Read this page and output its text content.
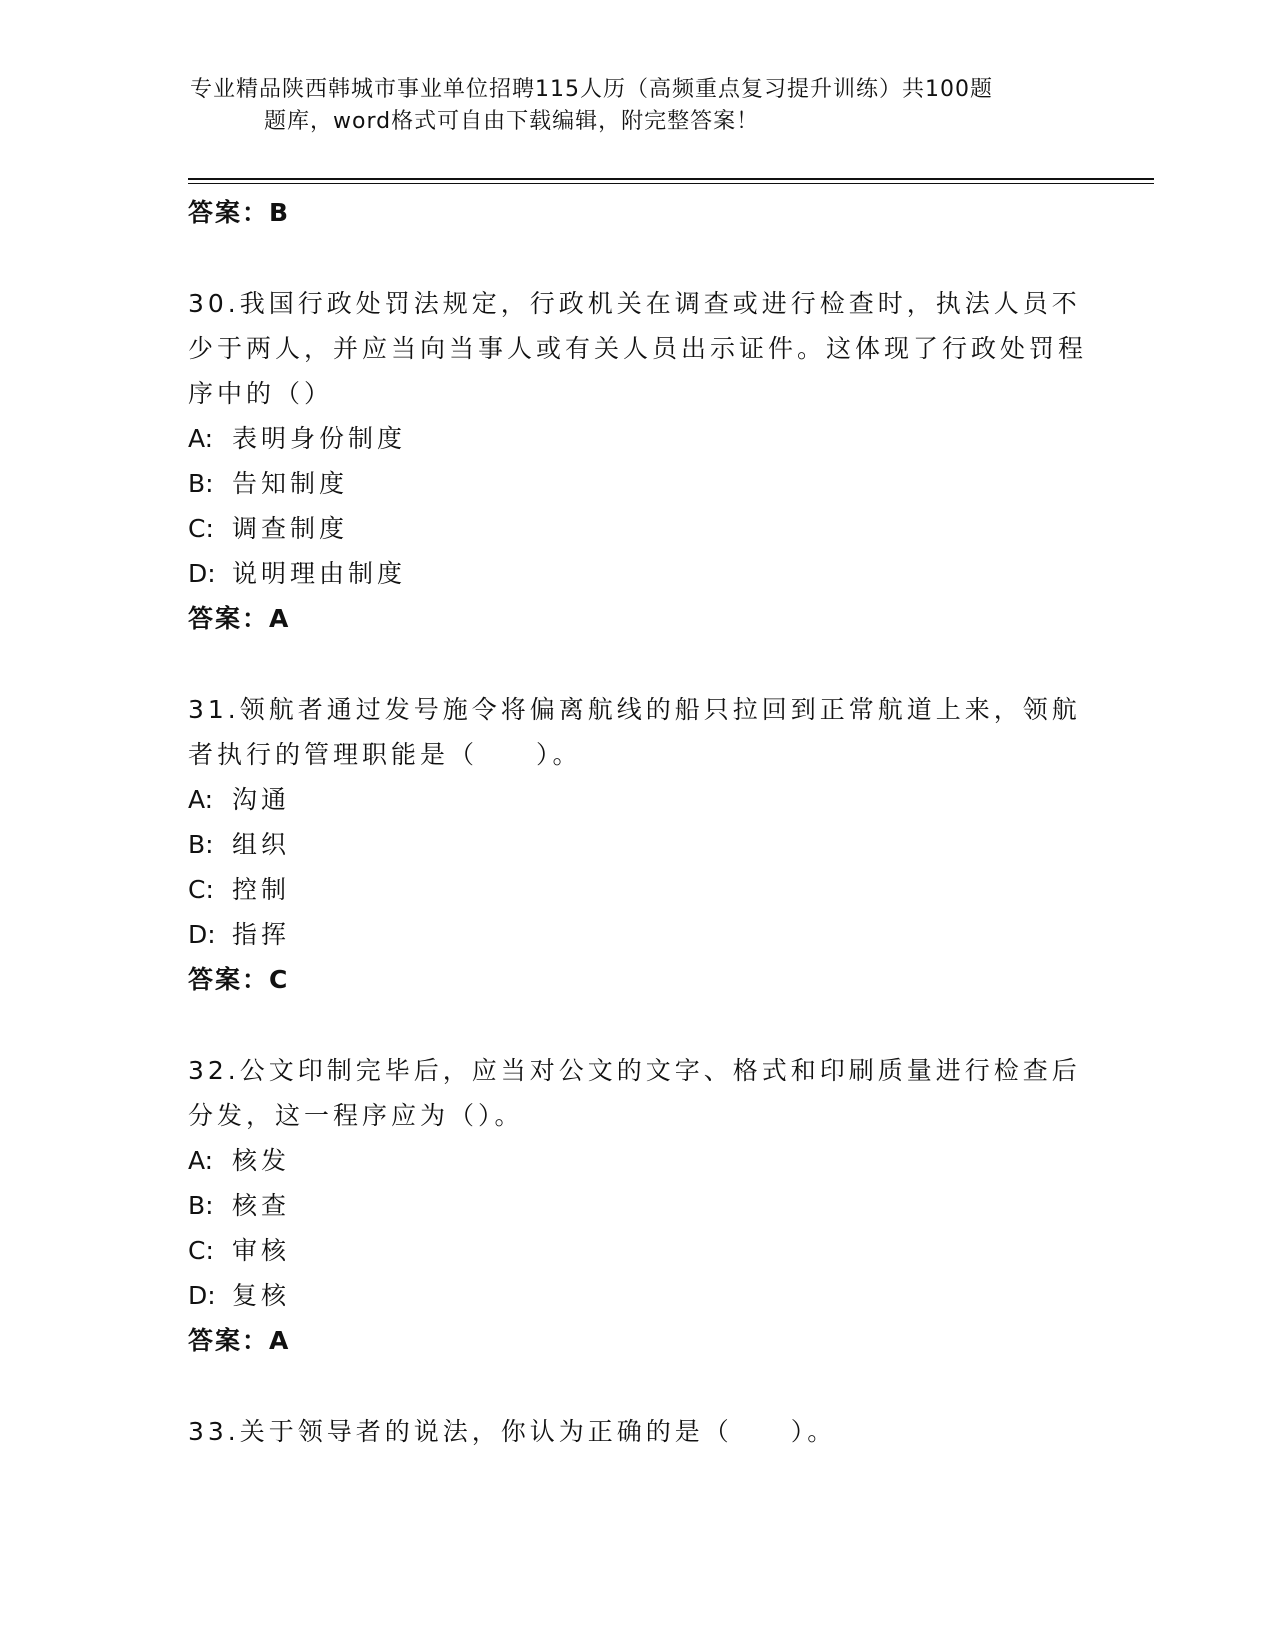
专业精品陕西韩城市事业单位招聘115人历（高频重点复习提升训练）共100题
题库，word格式可自由下载编辑，附完整答案！

答案：B

30.我国行政处罚法规定，行政机关在调查或进行检查时，执法人员不少于两人，并应当向当事人或有关人员出示证件。这体现了行政处罚程序中的（）

A: 表明身份制度

B: 告知制度

C: 调查制度

D: 说明理由制度

答案：A

31.领航者通过发号施令将偏离航线的船只拉回到正常航道上来，领航者执行的管理职能是（　　）。

A: 沟通

B: 组织

C: 控制

D: 指挥

答案：C

32.公文印制完毕后，应当对公文的文字、格式和印刷质量进行检查后分发，这一程序应为（）。

A: 核发

B: 核查

C: 审核

D: 复核

答案：A

33.关于领导者的说法，你认为正确的是（　　）。
